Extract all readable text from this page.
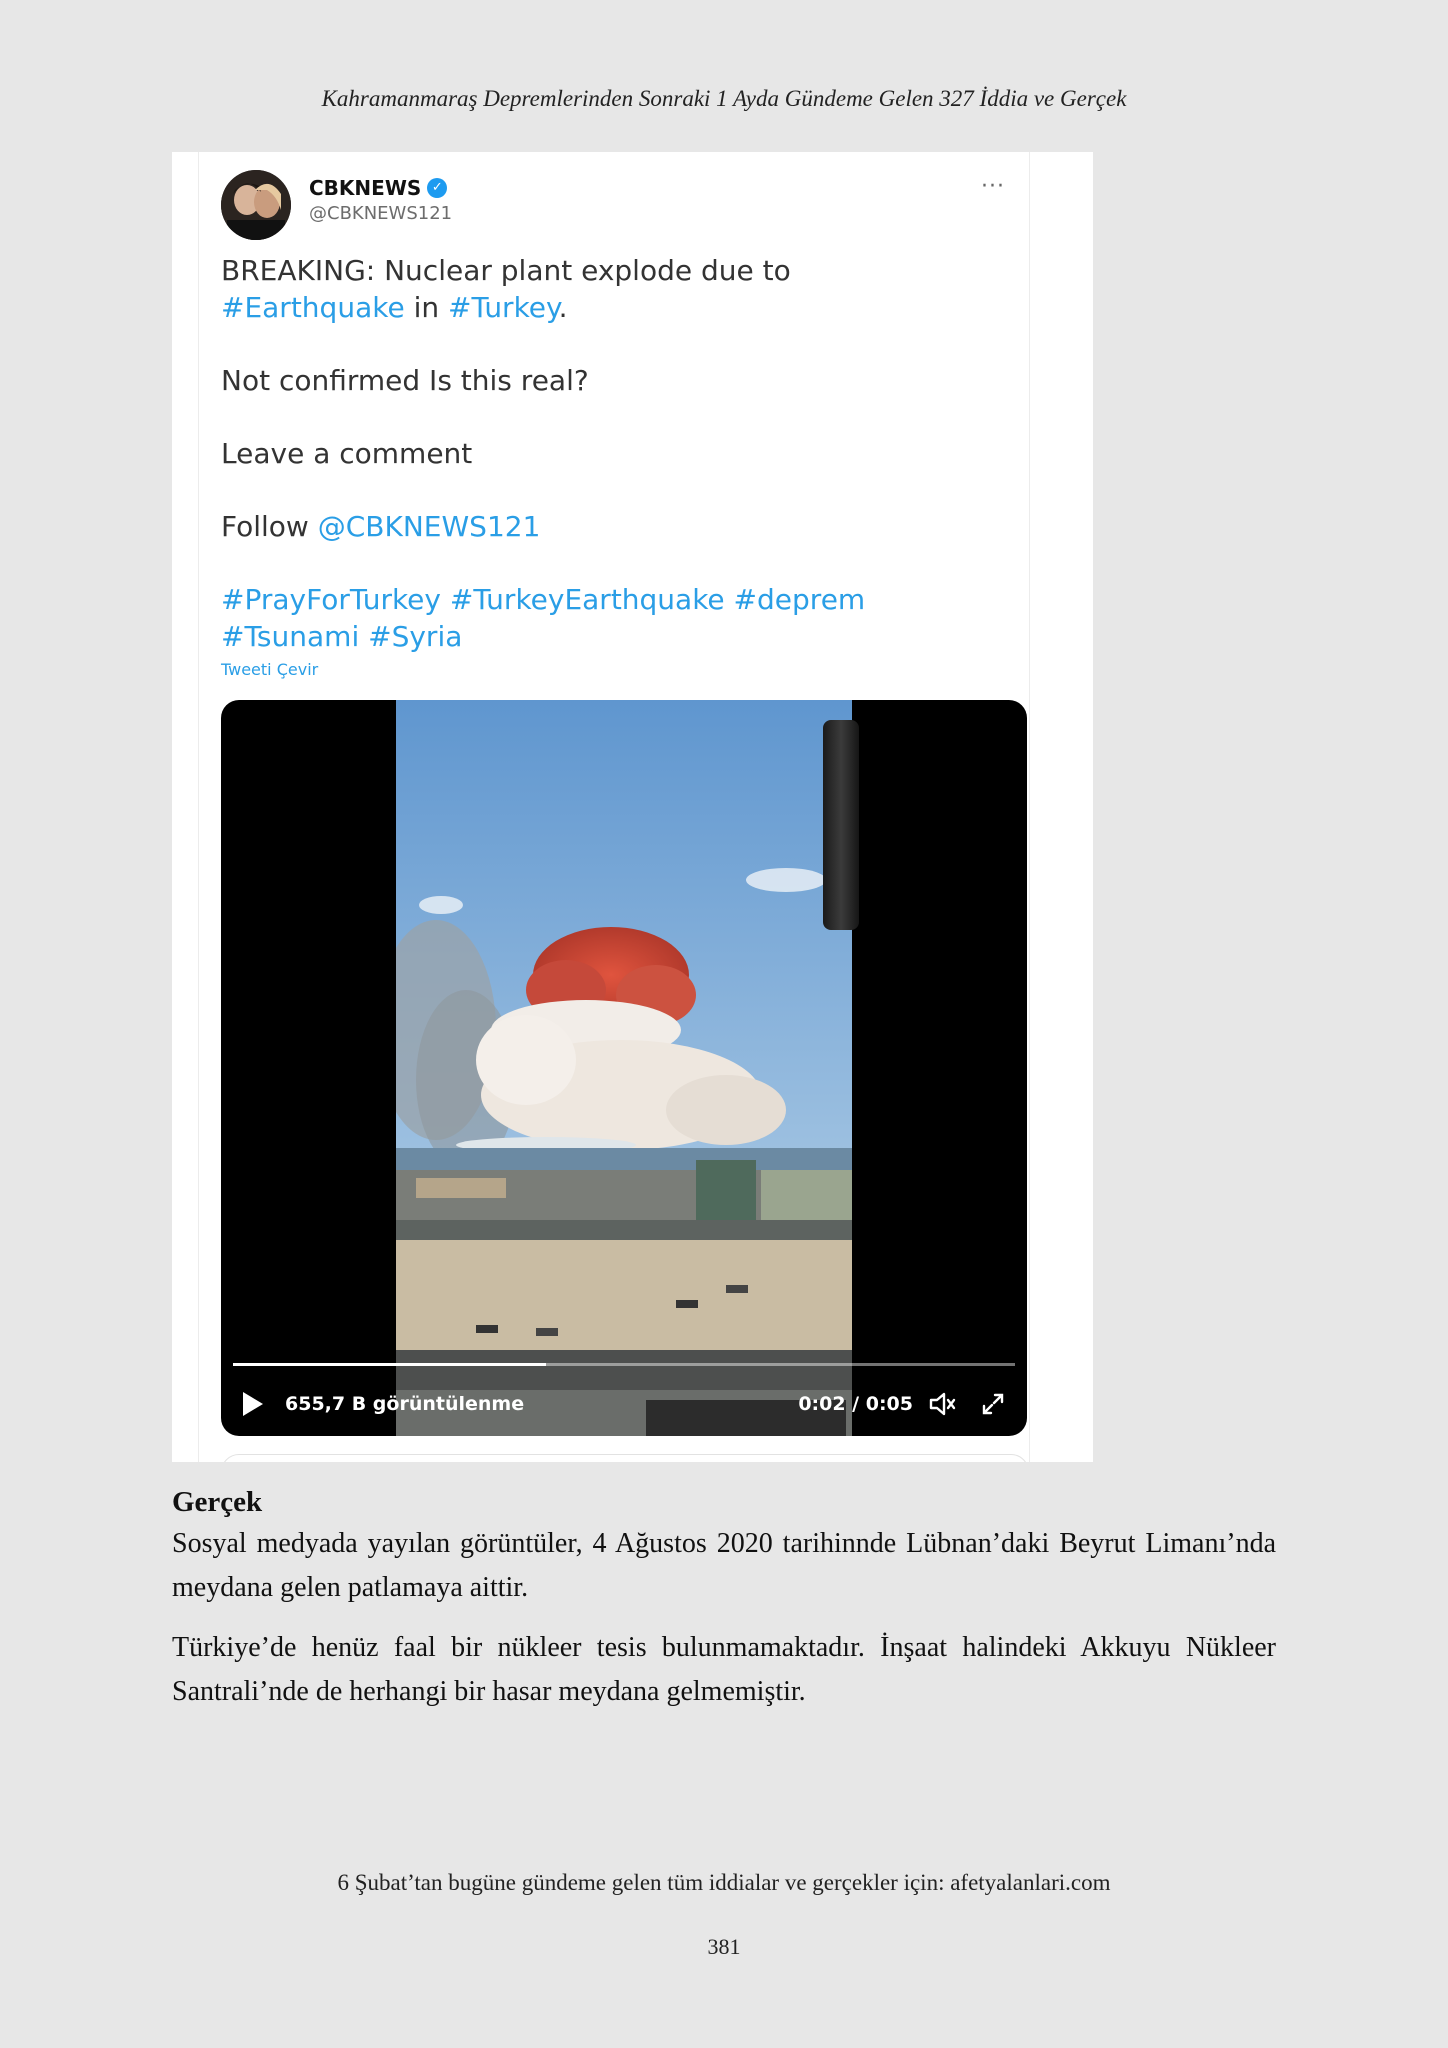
Kahramanmaraş Depremlerinden Sonraki 1 Ayda Gündeme Gelen 327 İddia ve Gerçek
CBKNEWS ✓
@CBKNEWS121
···

BREAKING: Nuclear plant explode due to
#Earthquake in #Turkey.

Not confirmed Is this real?

Leave a comment

Follow @CBKNEWS121

#PrayForTurkey #TurkeyEarthquake #deprem
#Tsunami #Syria

Tweeti Çevir
655,7 B görüntülenme	0:02 / 0:05
Gerçek

Sosyal medyada yayılan görüntüler, 4 Ağustos 2020 tarihinnde Lübnan’daki Beyrut Limanı’nda meydana gelen patlamaya aittir.

Türkiye’de henüz faal bir nükleer tesis bulunmamaktadır. İnşaat halindeki Akkuyu Nükleer Santrali’nde de herhangi bir hasar meydana gelmemiştir.

6 Şubat’tan bugüne gündeme gelen tüm iddialar ve gerçekler için: afetyalanlari.com
381
